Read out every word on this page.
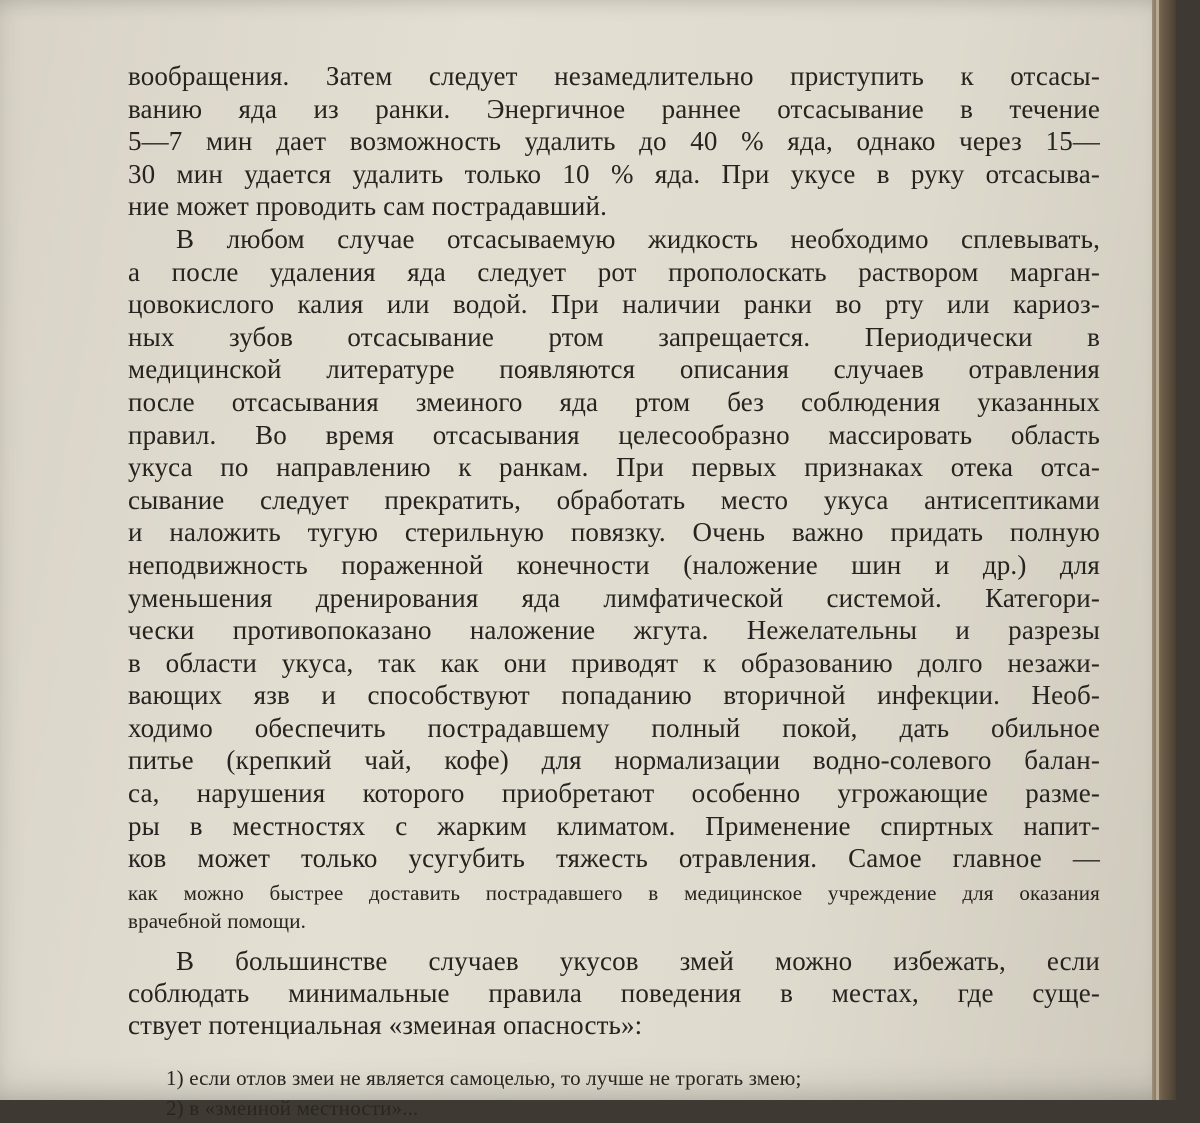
вообращения. Затем следует незамедлительно приступить к отсасы-
ванию яда из ранки. Энергичное раннее отсасывание в течение
5—7 мин дает возможность удалить до 40 % яда, однако через 15—
30 мин удается удалить только 10 % яда. При укусе в руку отсасыва-
ние может проводить сам пострадавший.
В любом случае отсасываемую жидкость необходимо сплевывать,
а после удаления яда следует рот прополоскать раствором марган-
цовокислого калия или водой. При наличии ранки во рту или кариоз-
ных зубов отсасывание ртом запрещается. Периодически в
медицинской литературе появляются описания случаев отравления
после отсасывания змеиного яда ртом без соблюдения указанных
правил. Во время отсасывания целесообразно массировать область
укуса по направлению к ранкам. При первых признаках отека отса-
сывание следует прекратить, обработать место укуса антисептиками
и наложить тугую стерильную повязку. Очень важно придать полную
неподвижность пораженной конечности (наложение шин и др.) для
уменьшения дренирования яда лимфатической системой. Категори-
чески противопоказано наложение жгута. Нежелательны и разрезы
в области укуса, так как они приводят к образованию долго незажи-
вающих язв и способствуют попаданию вторичной инфекции. Необ-
ходимо обеспечить пострадавшему полный покой, дать обильное
питье (крепкий чай, кофе) для нормализации водно-солевого балан-
са, нарушения которого приобретают особенно угрожающие разме-
ры в местностях с жарким климатом. Применение спиртных напит-
ков может только усугубить тяжесть отравления. Самое главное —
как можно быстрее доставить пострадавшего в медицинское учреждение для оказания
врачебной помощи.
В большинстве случаев укусов змей можно избежать, если
соблюдать минимальные правила поведения в местах, где суще-
ствует потенциальная «змеиная опасность»:
1) если отлов змеи не является самоцелью, то лучше не трогать змею;
2) в «змеиной местности»...
